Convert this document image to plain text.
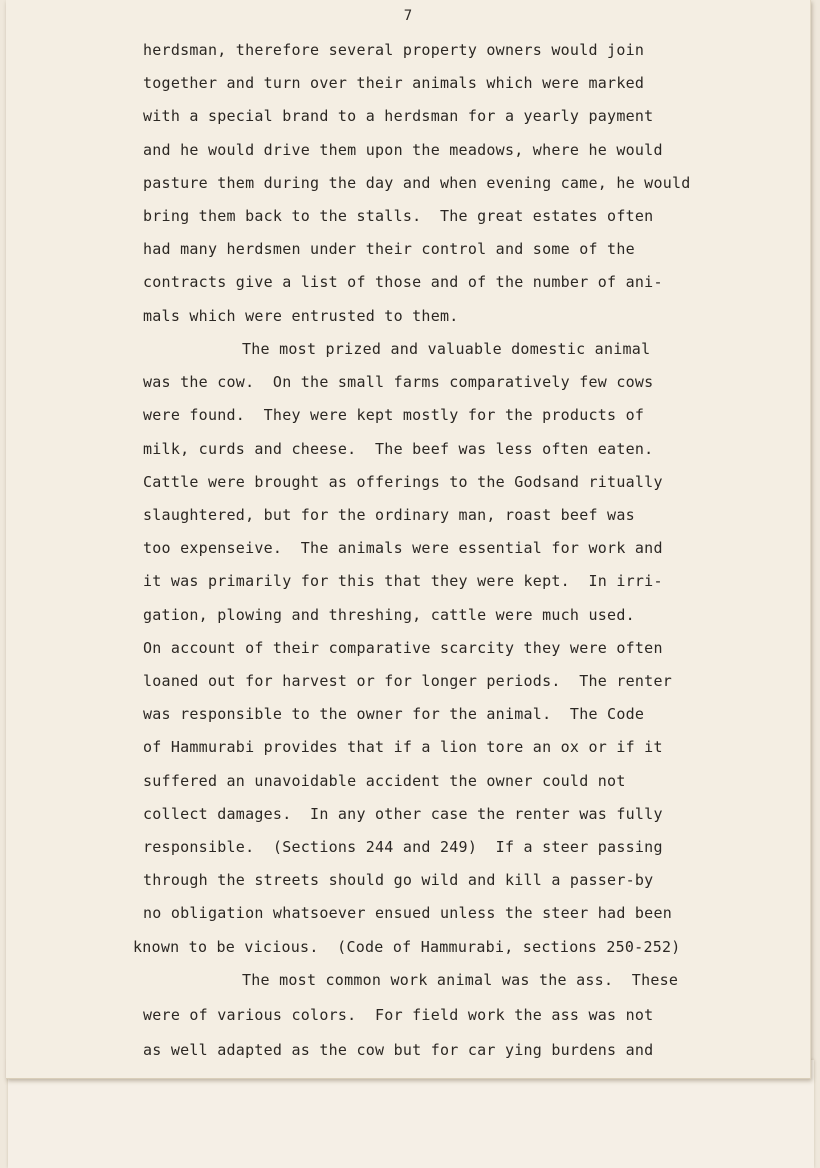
7

herdsman, therefore several property owners would join

together and turn over their animals which were marked

with a special brand to a herdsman for a yearly payment

and he would drive them upon the meadows, where he would

pasture them during the day and when evening came, he would

bring them back to the stalls.  The great estates often

had many herdsmen under their control and some of the

contracts give a list of those and of the number of ani-

mals which were entrusted to them.

The most prized and valuable domestic animal

was the cow.  On the small farms comparatively few cows

were found.  They were kept mostly for the products of

milk, curds and cheese.  The beef was less often eaten.

Cattle were brought as offerings to the Godsand ritually

slaughtered, but for the ordinary man, roast beef was

too expenseive.  The animals were essential for work and

it was primarily for this that they were kept.  In irri-

gation, plowing and threshing, cattle were much used.

On account of their comparative scarcity they were often

loaned out for harvest or for longer periods.  The renter

was responsible to the owner for the animal.  The Code

of Hammurabi provides that if a lion tore an ox or if it

suffered an unavoidable accident the owner could not

collect damages.  In any other case the renter was fully

responsible.  (Sections 244 and 249)  If a steer passing

through the streets should go wild and kill a passer-by

no obligation whatsoever ensued unless the steer had been

known to be vicious.  (Code of Hammurabi, sections 250-252)

The most common work animal was the ass.  These

were of various colors.  For field work the ass was not

as well adapted as the cow but for car ying burdens and
